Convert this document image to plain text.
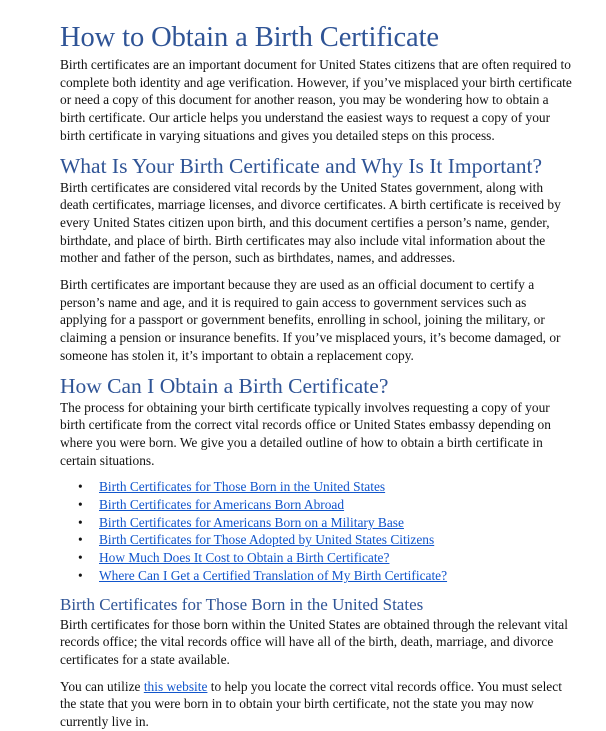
How to Obtain a Birth Certificate

Birth certificates are an important document for United States citizens that are often required to complete both identity and age verification. However, if you’ve misplaced your birth certificate or need a copy of this document for another reason, you may be wondering how to obtain a birth certificate. Our article helps you understand the easiest ways to request a copy of your birth certificate in varying situations and gives you detailed steps on this process.

What Is Your Birth Certificate and Why Is It Important?

Birth certificates are considered vital records by the United States government, along with death certificates, marriage licenses, and divorce certificates. A birth certificate is received by every United States citizen upon birth, and this document certifies a person’s name, gender, birthdate, and place of birth. Birth certificates may also include vital information about the mother and father of the person, such as birthdates, names, and addresses.

Birth certificates are important because they are used as an official document to certify a person’s name and age, and it is required to gain access to government services such as applying for a passport or government benefits, enrolling in school, joining the military, or claiming a pension or insurance benefits. If you’ve misplaced yours, it’s become damaged, or someone has stolen it, it’s important to obtain a replacement copy.

How Can I Obtain a Birth Certificate?

The process for obtaining your birth certificate typically involves requesting a copy of your birth certificate from the correct vital records office or United States embassy depending on where you were born. We give you a detailed outline of how to obtain a birth certificate in certain situations.

• Birth Certificates for Those Born in the United States
• Birth Certificates for Americans Born Abroad
• Birth Certificates for Americans Born on a Military Base
• Birth Certificates for Those Adopted by United States Citizens
• How Much Does It Cost to Obtain a Birth Certificate?
• Where Can I Get a Certified Translation of My Birth Certificate?
Birth Certificates for Those Born in the United States

Birth certificates for those born within the United States are obtained through the relevant vital records office; the vital records office will have all of the birth, death, marriage, and divorce certificates for a state available.

You can utilize this website to help you locate the correct vital records office. You must select the state that you were born in to obtain your birth certificate, not the state you may now currently live in.
